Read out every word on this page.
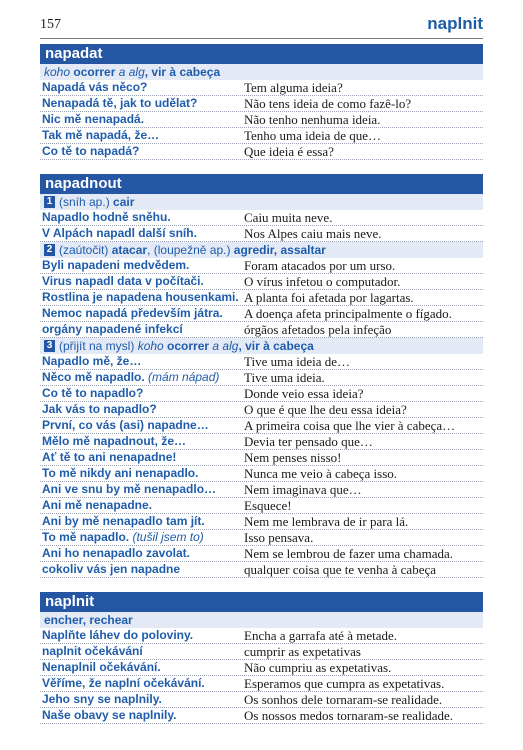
157	naplnit
napadat
koho ocorrer a alg, vir à cabeça
Napadá vás něco?	Tem alguma ideia?
Nenapadá tě, jak to udělat?	Não tens ideia de como fazê-lo?
Nic mě nenapadá.	Não tenho nenhuma ideia.
Tak mě napadá, že…	Tenho uma ideia de que…
Co tě to napadá?	Que ideia é essa?
napadnout
1 (sníh ap.) cair
Napadlo hodně sněhu.	Caiu muita neve.
V Alpách napadl další sníh.	Nos Alpes caiu mais neve.
2 (zaútočit) atacar, (loupežně ap.) agredir, assaltar
Byli napadeni medvědem.	Foram atacados por um urso.
Virus napadl data v počítači.	O vírus infetou o computador.
Rostlina je napadena housenkami. A planta foi afetada por lagartas.
Nemoc napadá především játra.	A doença afeta principalmente o fígado.
orgány napadené infekcí	órgãos afetados pela infeção
3 (přijít na mysl) koho ocorrer a alg, vir à cabeça
Napadlo mě, že…	Tive uma ideia de…
Něco mě napadlo. (mám nápad)	Tive uma ideia.
Co tě to napadlo?	Donde veio essa ideia?
Jak vás to napadlo?	O que é que lhe deu essa ideia?
První, co vás (asi) napadne…	A primeira coisa que lhe vier à cabeça…
Mělo mě napadnout, že…	Devia ter pensado que…
Ať tě to ani nenapadne!	Nem penses nisso!
To mě nikdy ani nenapadlo.	Nunca me veio à cabeça isso.
Ani ve snu by mě nenapadlo…	Nem imaginava que…
Ani mě nenapadne.	Esquece!
Ani by mě nenapadlo tam jít.	Nem me lembrava de ir para lá.
To mě napadlo. (tušil jsem to)	Isso pensava.
Ani ho nenapadlo zavolat.	Nem se lembrou de fazer uma chamada.
cokoliv vás jen napadne	qualquer coisa que te venha à cabeça
naplnit
encher, rechear
Naplňte láhev do poloviny.	Encha a garrafa até à metade.
naplnit očekávání	cumprir as expetativas
Nenaplnil očekávání.	Não cumpriu as expetativas.
Věříme, že naplní očekávání.	Esperamos que cumpra as expetativas.
Jeho sny se naplnily.	Os sonhos dele tornaram-se realidade.
Naše obavy se naplnily.	Os nossos medos tornaram-se realidade.
